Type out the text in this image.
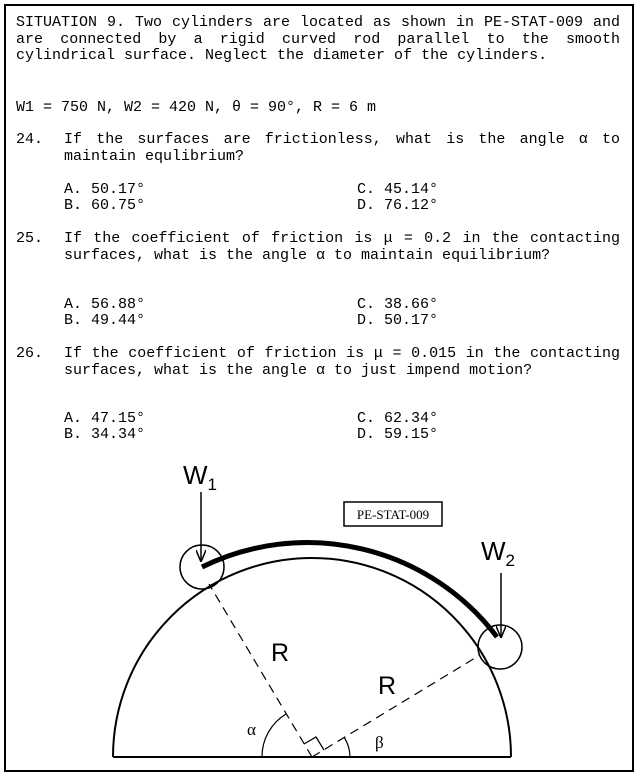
SITUATION 9. Two cylinders are located as shown in PE-STAT-009 and are connected by a rigid curved rod parallel to the smooth cylindrical surface. Neglect the diameter of the cylinders.
W1 = 750 N, W2 = 420 N, θ = 90°, R = 6 m
24. If the surfaces are frictionless, what is the angle α to maintain equlibrium?
A. 50.17°
B. 60.75°
C. 45.14°
D. 76.12°
25. If the coefficient of friction is μ = 0.2 in the contacting surfaces, what is the angle α to maintain equilibrium?
A. 56.88°
B. 49.44°
C. 38.66°
D. 50.17°
26. If the coefficient of friction is μ = 0.015 in the contacting surfaces, what is the angle α to just impend motion?
A. 47.15°
B. 34.34°
C. 62.34°
D. 59.15°
PE-STAT-009
$W_1$
$W_2$
R
R
α
β
